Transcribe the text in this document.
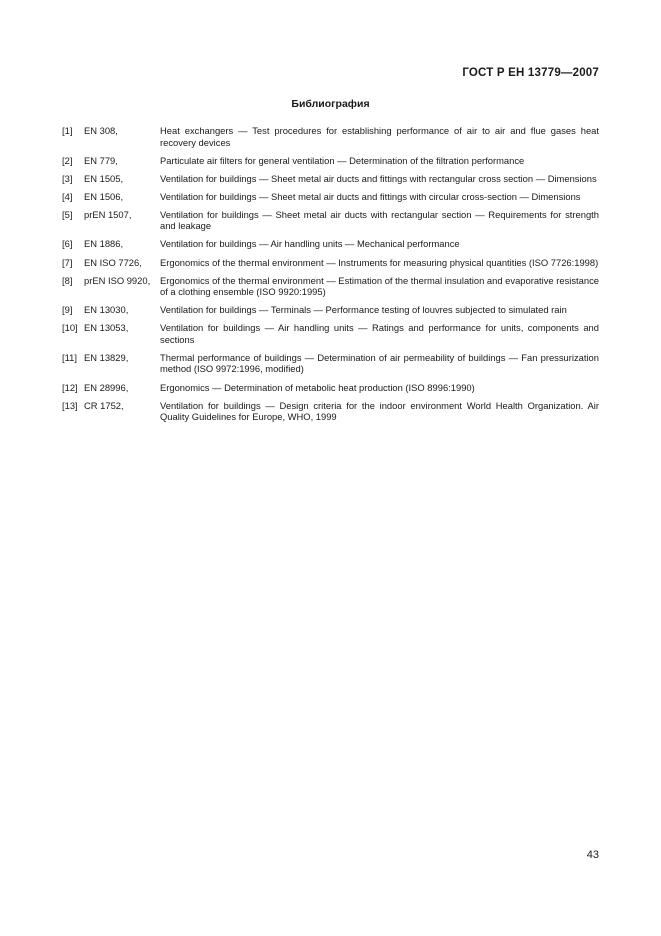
ГОСТ Р ЕН 13779—2007
Библиография
[1]	EN 308,	Heat exchangers — Test procedures for establishing performance of air to air and flue gases heat recovery devices
[2]	EN 779,	Particulate air filters for general ventilation — Determination of the filtration performance
[3]	EN 1505,	Ventilation for buildings — Sheet metal air ducts and fittings with rectangular cross section — Dimensions
[4]	EN 1506,	Ventilation for buildings — Sheet metal air ducts and fittings with circular cross-section — Dimensions
[5]	prEN 1507,	Ventilation for buildings — Sheet metal air ducts with rectangular section — Requirements for strength and leakage
[6]	EN 1886,	Ventilation for buildings — Air handling units — Mechanical performance
[7]	EN ISO 7726,	Ergonomics of the thermal environment — Instruments for measuring physical quantities (ISO 7726:1998)
[8]	prEN ISO 9920,	Ergonomics of the thermal environment — Estimation of the thermal insulation and evaporative resistance of a clothing ensemble (ISO 9920:1995)
[9]	EN 13030,	Ventilation for buildings — Terminals — Performance testing of louvres subjected to simulated rain
[10] EN 13053,	Ventilation for buildings — Air handling units — Ratings and performance for units, components and sections
[11] EN 13829,	Thermal performance of buildings — Determination of air permeability of buildings — Fan pressurization method (ISO 9972:1996, modified)
[12] EN 28996,	Ergonomics — Determination of metabolic heat production (ISO 8996:1990)
[13] CR 1752,	Ventilation for buildings — Design criteria for the indoor environment World Health Organization. Air Quality Guidelines for Europe, WHO, 1999
43
